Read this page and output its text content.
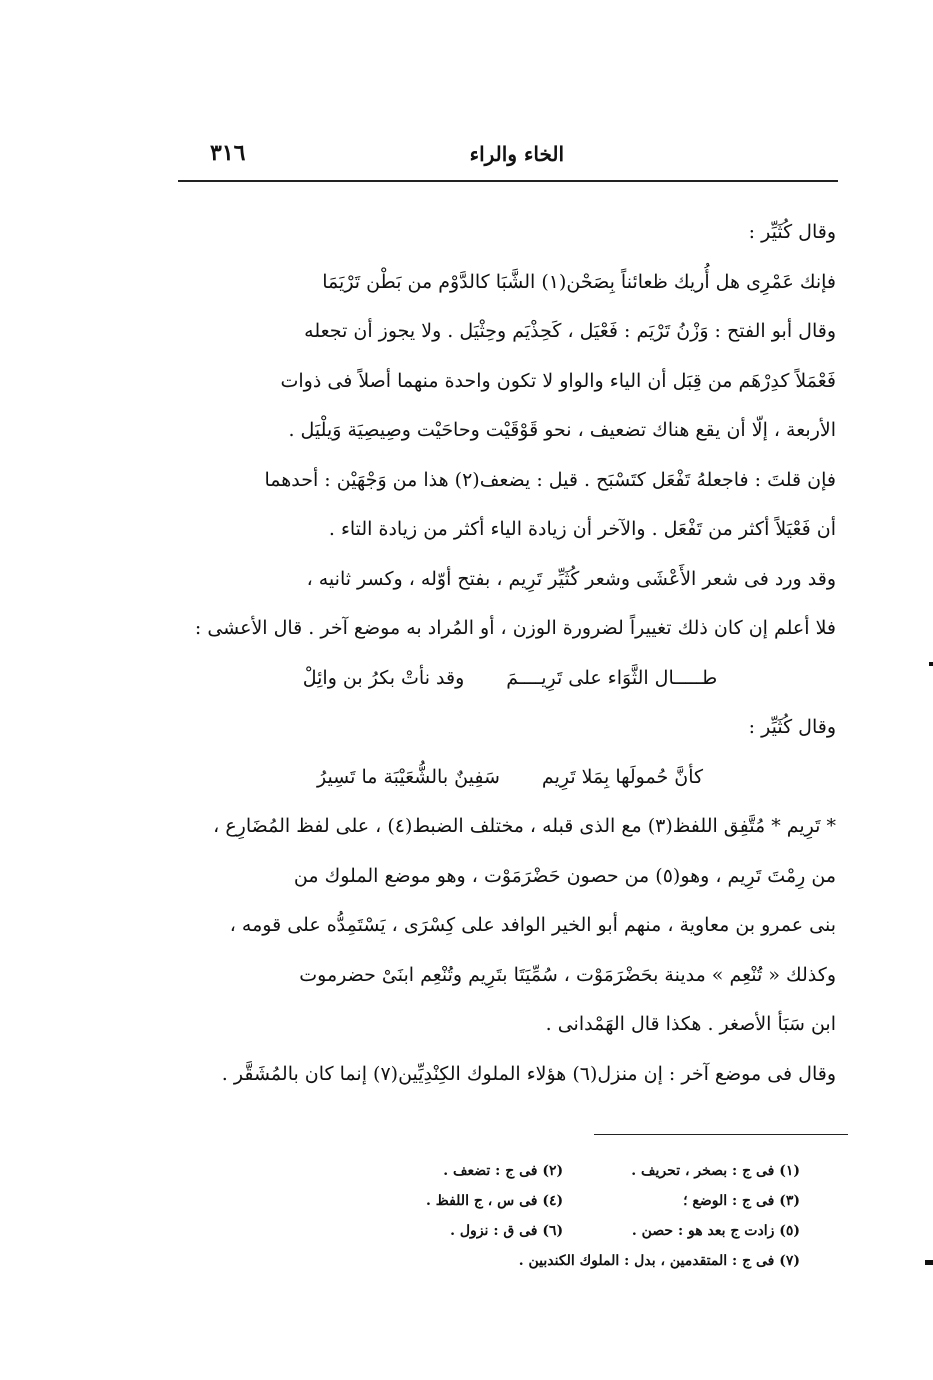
الخاء والراء
٣١٦
وقال كُثَيِّر :
فإنك عَمْرِى هل أُريك ظعائناً بِصَحْن(١) الشَّبَا كالدَّوْم من بَطْن تَرْيَمَا
وقال أبو الفتح : وَزْنُ تَرْيَم : فَعْيَل ، كَحِذْيَم وحِثْيَل . ولا يجوز أن تجعله
فَعْمَلاً كدِرْهَم من قِبَل أن الياء والواو لا تكون واحدة منهما أصلاً فى ذوات
الأربعة ، إلّا أن يقع هناك تضعيف ، نحو قَوْقَيْت وحاحَيْت وصِيصِيَة وَيلْيَل .
فإن قلتَ : فاجعلهُ تَفْعَل كتَسْبَح . قيل : يضعف(٢) هذا من وَجْهَيْن : أحدهما
أن فَعْيَلاً أكثر من تَفْعَل . والآخر أن زيادة الياء أكثر من زيادة التاء .
وقد ورد فى شعر الأَعْشَى وشعر كُثَيِّر تَرِيم ، بفتح أوّله ، وكسر ثانيه ،
فلا أعلم إن كان ذلك تغييراً لضرورة الوزن ، أو المُراد به موضع آخر . قال الأعشى :
طـــــال الثَّوَاء على تَرِيــــمَ وقد نأتْ بكرُ بن وائِلْ
وقال كُثَيِّر :
كأنَّ حُمولَها بِمَلا تَرِيم سَفِينٌ بالشُّعَيْبَة ما تَسِيرُ
* تَرِيم * مُتَّفِق اللفظ(٣) مع الذى قبله ، مختلف الضبط(٤) ، على لفظ المُضَارِع ،
من رِمْتَ تَرِيم ، وهو(٥) من حصون حَضْرَمَوْت ، وهو موضع الملوك من
بنى عمرو بن معاوية ، منهم أبو الخير الوافد على كِسْرَى ، يَسْتَمِدُّه على قومه ،
وكذلك « تُنْعِم » مدينة بحَضْرَمَوْت ، سُمِّيَتَا بتَرِيم وتُنْعِم ابنَىْ حضرموت
ابن سَبَأ الأصغر . هكذا قال الهَمْدانى .
وقال فى موضع آخر : إن منزل(٦) هؤلاء الملوك الكِنْدِيِّين(٧) إنما كان بالمُشَقَّر .
(١) فى ج : بصخر ، تحريف . (٢) فى ج : تضعف .
(٣) فى ج : الوضع ؛ (٤) فى س ، ج اللفظ .
(٥) زادت ج بعد هو : حصن . (٦) فى ق : نزول .
(٧) فى ج : المتقدمين ، بدل : الملوك الكندبين .
